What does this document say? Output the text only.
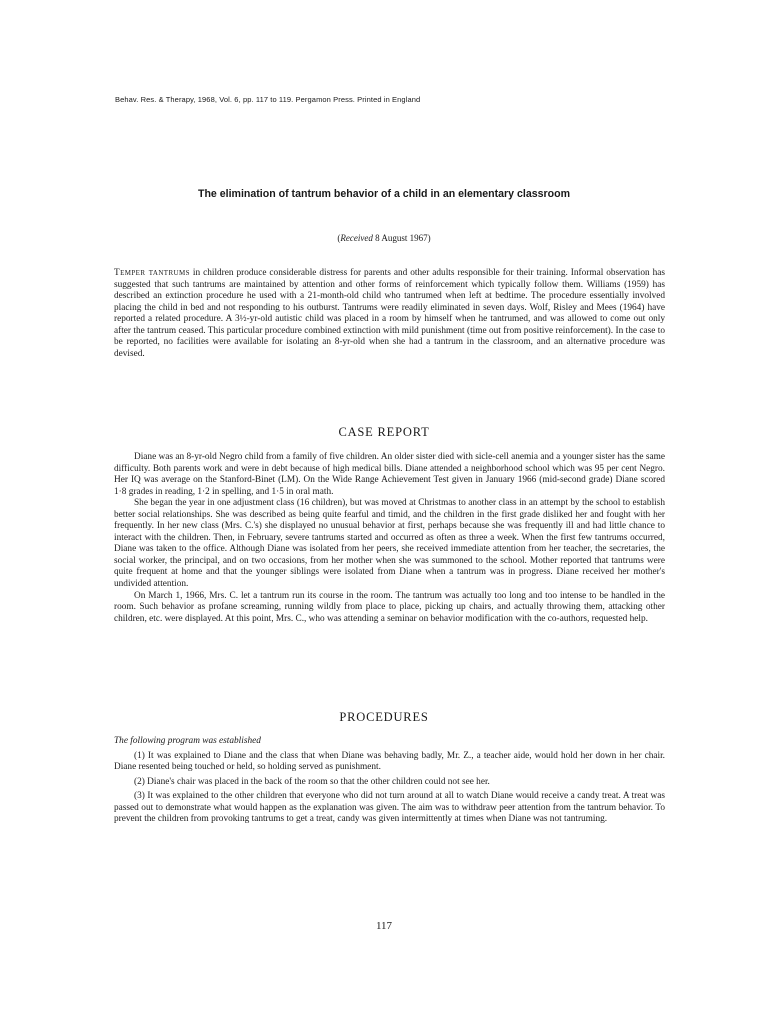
Behav. Res. & Therapy, 1968, Vol. 6, pp. 117 to 119. Pergamon Press. Printed in England
The elimination of tantrum behavior of a child in an elementary classroom
(Received 8 August 1967)

Temper tantrums in children produce considerable distress for parents and other adults responsible for their training. Informal observation has suggested that such tantrums are maintained by attention and other forms of reinforcement which typically follow them. Williams (1959) has described an extinction procedure he used with a 21-month-old child who tantrumed when left at bedtime. The procedure essentially involved placing the child in bed and not responding to his outburst. Tantrums were readily eliminated in seven days. Wolf, Risley and Mees (1964) have reported a related procedure. A 3½-yr-old autistic child was placed in a room by himself when he tantrumed, and was allowed to come out only after the tantrum ceased. This particular procedure combined extinction with mild punishment (time out from positive reinforcement). In the case to be reported, no facilities were available for isolating an 8-yr-old when she had a tantrum in the classroom, and an alternative procedure was devised.

CASE REPORT

Diane was an 8-yr-old Negro child from a family of five children. An older sister died with sicle-cell anemia and a younger sister has the same difficulty. Both parents work and were in debt because of high medical bills. Diane attended a neighborhood school which was 95 per cent Negro. Her IQ was average on the Stanford-Binet (LM). On the Wide Range Achievement Test given in January 1966 (mid-second grade) Diane scored 1·8 grades in reading, 1·2 in spelling, and 1·5 in oral math.

She began the year in one adjustment class (16 children), but was moved at Christmas to another class in an attempt by the school to establish better social relationships. She was described as being quite fearful and timid, and the children in the first grade disliked her and fought with her frequently. In her new class (Mrs. C.'s) she displayed no unusual behavior at first, perhaps because she was frequently ill and had little chance to interact with the children. Then, in February, severe tantrums started and occurred as often as three a week. When the first few tantrums occurred, Diane was taken to the office. Although Diane was isolated from her peers, she received immediate attention from her teacher, the secretaries, the social worker, the principal, and on two occasions, from her mother when she was summoned to the school. Mother reported that tantrums were quite frequent at home and that the younger siblings were isolated from Diane when a tantrum was in progress. Diane received her mother's undivided attention.

On March 1, 1966, Mrs. C. let a tantrum run its course in the room. The tantrum was actually too long and too intense to be handled in the room. Such behavior as profane screaming, running wildly from place to place, picking up chairs, and actually throwing them, attacking other children, etc. were displayed. At this point, Mrs. C., who was attending a seminar on behavior modification with the co-authors, requested help.

PROCEDURES

The following program was established

(1) It was explained to Diane and the class that when Diane was behaving badly, Mr. Z., a teacher aide, would hold her down in her chair. Diane resented being touched or held, so holding served as punishment.

(2) Diane's chair was placed in the back of the room so that the other children could not see her.

(3) It was explained to the other children that everyone who did not turn around at all to watch Diane would receive a candy treat. A treat was passed out to demonstrate what would happen as the explanation was given. The aim was to withdraw peer attention from the tantrum behavior. To prevent the children from provoking tantrums to get a treat, candy was given intermittently at times when Diane was not tantruming.

117
